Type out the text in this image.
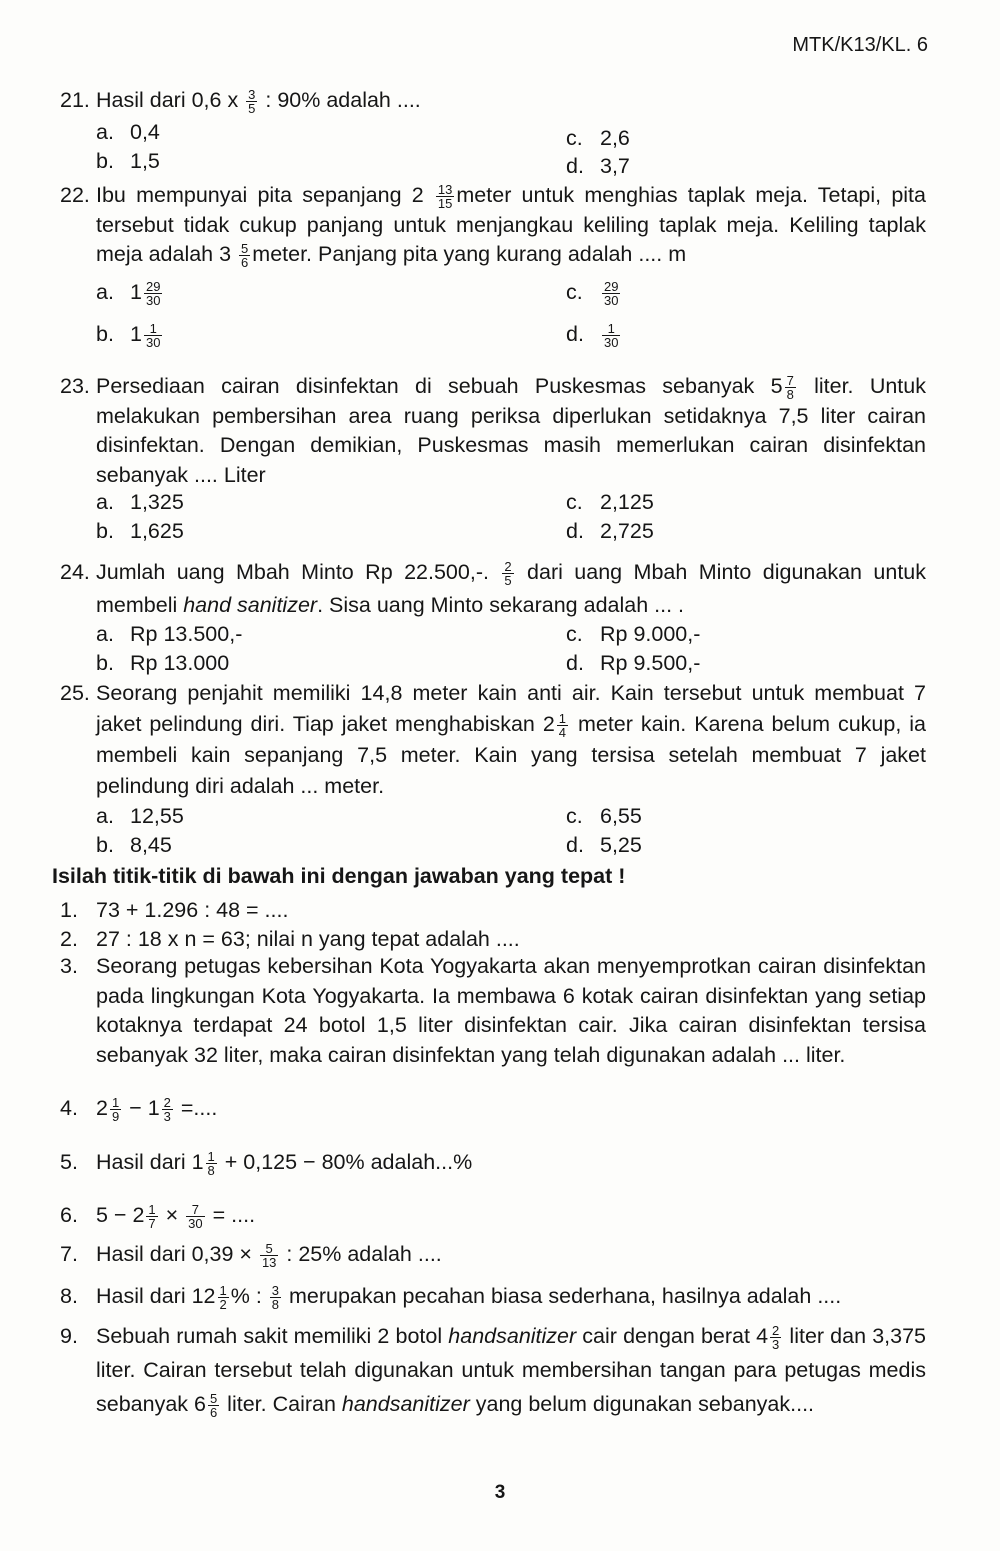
MTK/K13/KL. 6
21. Hasil dari 0,6 x $\frac{3}{5}$ : 90% adalah ....
a. 0,4
b. 1,5
c. 2,6
d. 3,7
22. Ibu mempunyai pita sepanjang $2 \frac{13}{15}$ meter untuk menghias taplak meja. Tetapi, pita tersebut tidak cukup panjang untuk menjangkau keliling taplak meja. Keliling taplak meja adalah $3 \frac{5}{6}$ meter. Panjang pita yang kurang adalah .... m
a. $1 \frac{29}{30}$
b. $1 \frac{1}{30}$
c. $\frac{29}{30}$
d. $\frac{1}{30}$
23. Persediaan cairan disinfektan di sebuah Puskesmas sebanyak $5 \frac{7}{8}$ liter. Untuk melakukan pembersihan area ruang periksa diperlukan setidaknya 7,5 liter cairan disinfektan. Dengan demikian, Puskesmas masih memerlukan cairan disinfektan sebanyak .... Liter
a. 1,325
b. 1,625
c. 2,125
d. 2,725
24. Jumlah uang Mbah Minto Rp 22.500,-. $\frac{2}{5}$ dari uang Mbah Minto digunakan untuk membeli hand sanitizer. Sisa uang Minto sekarang adalah ... .
a. Rp 13.500,-
b. Rp 13.000
c. Rp 9.000,-
d. Rp 9.500,-
25. Seorang penjahit memiliki 14,8 meter kain anti air. Kain tersebut untuk membuat 7 jaket pelindung diri. Tiap jaket menghabiskan $2 \frac{1}{4}$ meter kain. Karena belum cukup, ia membeli kain sepanjang 7,5 meter. Kain yang tersisa setelah membuat 7 jaket pelindung diri adalah ... meter.
a. 12,55
b. 8,45
c. 6,55
d. 5,25
Isilah titik-titik di bawah ini dengan jawaban yang tepat !
1. 73 + 1.296 : 48 = ....
2. 27 : 18 x n = 63; nilai n yang tepat adalah ....
3. Seorang petugas kebersihan Kota Yogyakarta akan menyemprotkan cairan disinfektan pada lingkungan Kota Yogyakarta. Ia membawa 6 kotak cairan disinfektan yang setiap kotaknya terdapat 24 botol 1,5 liter disinfektan cair. Jika cairan disinfektan tersisa sebanyak 32 liter, maka cairan disinfektan yang telah digunakan adalah ... liter.
4. $2 \frac{1}{9} - 1 \frac{2}{3}$ =....
5. Hasil dari $1 \frac{1}{8} + 0,125 - 80\%$ adalah...%
6. $5 - 2 \frac{1}{7} \times \frac{7}{30}$ = ....
7. Hasil dari $0,39 \times \frac{5}{13}$ : 25% adalah ....
8. Hasil dari $12 \frac{1}{2}$ % : $\frac{3}{8}$ merupakan pecahan biasa sederhana, hasilnya adalah ....
9. Sebuah rumah sakit memiliki 2 botol handsanitizer cair dengan berat $4 \frac{2}{3}$ liter dan 3,375 liter. Cairan tersebut telah digunakan untuk membersihan tangan para petugas medis sebanyak $6 \frac{5}{6}$ liter. Cairan handsanitizer yang belum digunakan sebanyak....
3
